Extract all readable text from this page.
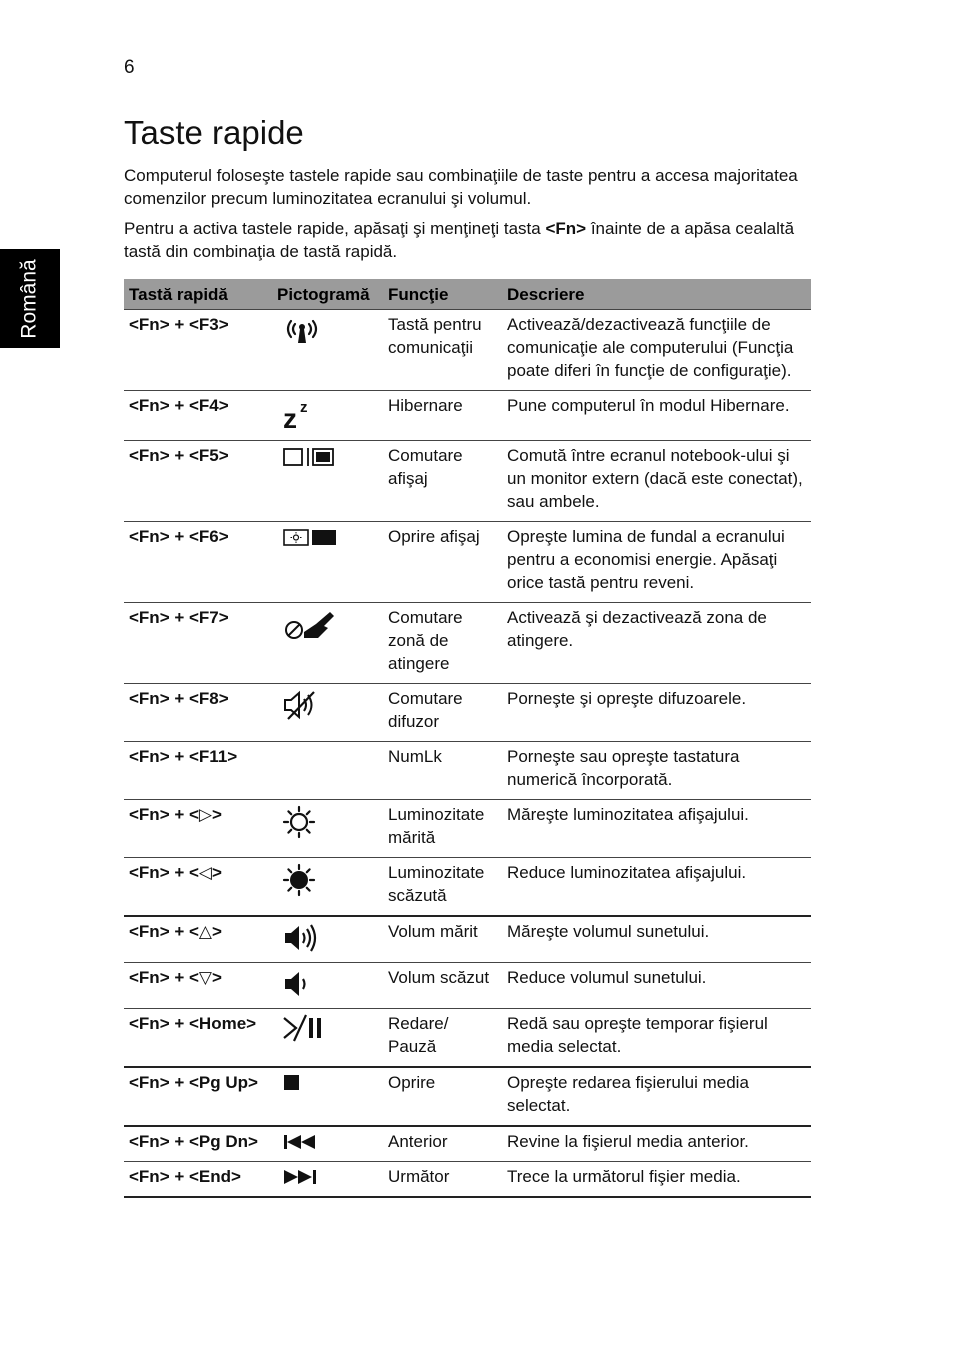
6
Română
Taste rapide

Computerul foloseşte tastele rapide sau combinaţiile de taste pentru a accesa majoritatea comenzilor precum luminozitatea ecranului şi volumul.

Pentru a activa tastele rapide, apăsaţi şi menţineţi tasta <Fn> înainte de a apăsa cealaltă tastă din combinaţia de tastă rapidă.

Tastă rapidă	Pictogramă	Funcţie	Descriere
<Fn> + <F3>		Tastă pentru comunicaţii	Activează/dezactivează funcţiile de comunicaţie ale computerului (Funcţia poate diferi în funcţie de configuraţie).
<Fn> + <F4>	z z	Hibernare	Pune computerul în modul Hibernare.
<Fn> + <F5>		Comutare afişaj	Comută între ecranul notebook-ului şi un monitor extern (dacă este conectat), sau ambele.
<Fn> + <F6>		Oprire afişaj	Opreşte lumina de fundal a ecranului pentru a economisi energie. Apăsaţi orice tastă pentru reveni.
<Fn> + <F7>		Comutare zonă de atingere	Activează şi dezactivează zona de atingere.
<Fn> + <F8>		Comutare difuzor	Porneşte şi opreşte difuzoarele.
<Fn> + <F11>		NumLk	Porneşte sau opreşte tastatura numerică încorporată.
<Fn> + <▷>		Luminozitate mărită	Măreşte luminozitatea afişajului.
<Fn> + <◁>		Luminozitate scăzută	Reduce luminozitatea afişajului.
<Fn> + <△>		Volum mărit	Măreşte volumul sunetului.
<Fn> + <▽>		Volum scăzut	Reduce volumul sunetului.
<Fn> + <Home>		Redare/ Pauză	Redă sau opreşte temporar fişierul media selectat.
<Fn> + <Pg Up>		Oprire	Opreşte redarea fişierului media selectat.
<Fn> + <Pg Dn>		Anterior	Revine la fişierul media anterior.
<Fn> + <End>		Următor	Trece la următorul fişier media.
